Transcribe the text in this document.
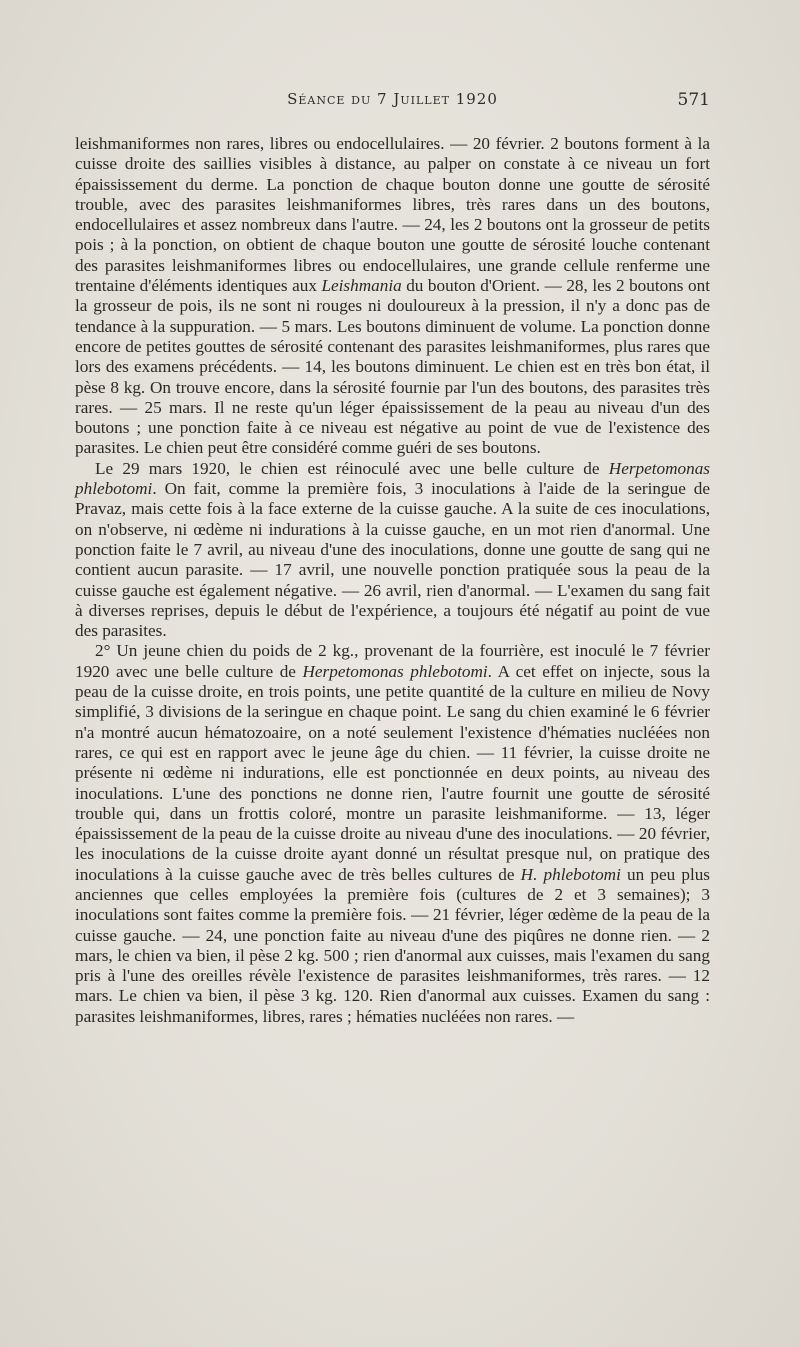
Séance du 7 Juillet 1920	571

leishmaniformes non rares, libres ou endocellulaires. — 20 février. 2 boutons forment à la cuisse droite des saillies visibles à distance, au palper on constate à ce niveau un fort épaississement du derme. La ponction de chaque bouton donne une goutte de sérosité trouble, avec des parasites leishmaniformes libres, très rares dans un des boutons, endocellulaires et assez nombreux dans l'autre. — 24, les 2 boutons ont la grosseur de petits pois ; à la ponction, on obtient de chaque bouton une goutte de sérosité louche contenant des parasites leishmaniformes libres ou endocellulaires, une grande cellule renferme une trentaine d'éléments identiques aux Leishmania du bouton d'Orient. — 28, les 2 boutons ont la grosseur de pois, ils ne sont ni rouges ni douloureux à la pression, il n'y a donc pas de tendance à la suppuration. — 5 mars. Les boutons diminuent de volume. La ponction donne encore de petites gouttes de sérosité contenant des parasites leishmaniformes, plus rares que lors des examens précédents. — 14, les boutons diminuent. Le chien est en très bon état, il pèse 8 kg. On trouve encore, dans la sérosité fournie par l'un des boutons, des parasites très rares. — 25 mars. Il ne reste qu'un léger épaississement de la peau au niveau d'un des boutons ; une ponction faite à ce niveau est négative au point de vue de l'existence des parasites. Le chien peut être considéré comme guéri de ses boutons.

Le 29 mars 1920, le chien est réinoculé avec une belle culture de Herpetomonas phlebotomi. On fait, comme la première fois, 3 inoculations à l'aide de la seringue de Pravaz, mais cette fois à la face externe de la cuisse gauche. A la suite de ces inoculations, on n'observe, ni œdème ni indurations à la cuisse gauche, en un mot rien d'anormal. Une ponction faite le 7 avril, au niveau d'une des inoculations, donne une goutte de sang qui ne contient aucun parasite. — 17 avril, une nouvelle ponction pratiquée sous la peau de la cuisse gauche est également négative. — 26 avril, rien d'anormal. — L'examen du sang fait à diverses reprises, depuis le début de l'expérience, a toujours été négatif au point de vue des parasites.

2° Un jeune chien du poids de 2 kg., provenant de la fourrière, est inoculé le 7 février 1920 avec une belle culture de Herpetomonas phlebotomi. A cet effet on injecte, sous la peau de la cuisse droite, en trois points, une petite quantité de la culture en milieu de Novy simplifié, 3 divisions de la seringue en chaque point. Le sang du chien examiné le 6 février n'a montré aucun hématozoaire, on a noté seulement l'existence d'hématies nucléées non rares, ce qui est en rapport avec le jeune âge du chien. — 11 février, la cuisse droite ne présente ni œdème ni indurations, elle est ponctionnée en deux points, au niveau des inoculations. L'une des ponctions ne donne rien, l'autre fournit une goutte de sérosité trouble qui, dans un frottis coloré, montre un parasite leishmaniforme. — 13, léger épaississement de la peau de la cuisse droite au niveau d'une des inoculations. — 20 février, les inoculations de la cuisse droite ayant donné un résultat presque nul, on pratique des inoculations à la cuisse gauche avec de très belles cultures de H. phlebotomi un peu plus anciennes que celles employées la première fois (cultures de 2 et 3 semaines); 3 inoculations sont faites comme la première fois. — 21 février, léger œdème de la peau de la cuisse gauche. — 24, une ponction faite au niveau d'une des piqûres ne donne rien. — 2 mars, le chien va bien, il pèse 2 kg. 500 ; rien d'anormal aux cuisses, mais l'examen du sang pris à l'une des oreilles révèle l'existence de parasites leishmaniformes, très rares. — 12 mars. Le chien va bien, il pèse 3 kg. 120. Rien d'anormal aux cuisses. Examen du sang : parasites leishmaniformes, libres, rares ; hématies nucléées non rares. —
